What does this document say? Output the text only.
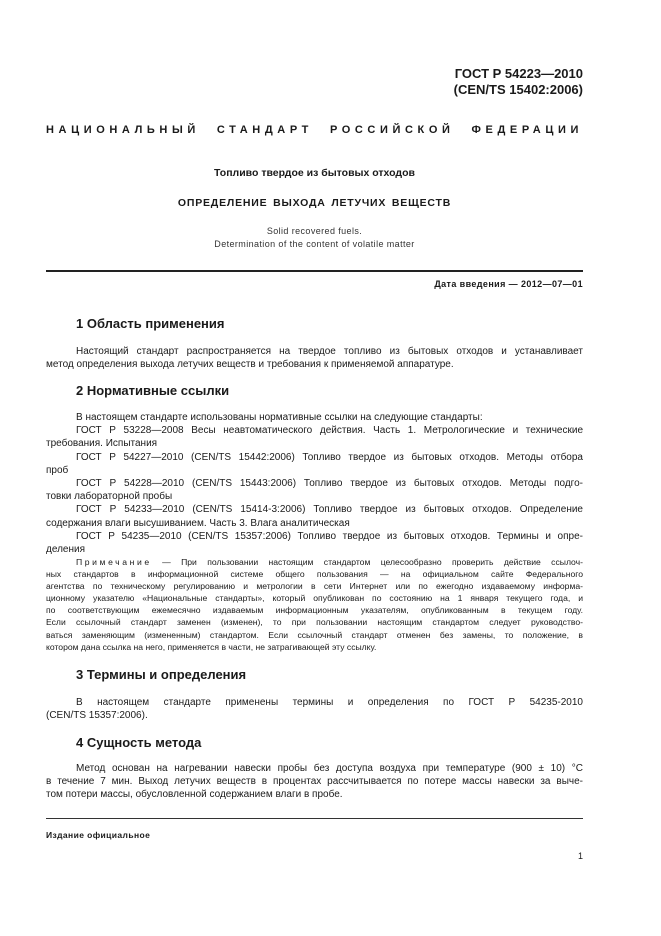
ГОСТ Р 54223—2010
(CEN/TS 15402:2006)
НАЦИОНАЛЬНЫЙ СТАНДАРТ РОССИЙСКОЙ ФЕДЕРАЦИИ
Топливо твердое из бытовых отходов
ОПРЕДЕЛЕНИЕ ВЫХОДА ЛЕТУЧИХ ВЕЩЕСТВ
Solid recovered fuels.
Determination of the content of volatile matter
Дата введения — 2012—07—01
1 Область применения
Настоящий стандарт распространяется на твердое топливо из бытовых отходов и устанавливает
метод определения выхода летучих веществ и требования к применяемой аппаратуре.
2 Нормативные ссылки
В настоящем стандарте использованы нормативные ссылки на следующие стандарты:
ГОСТ Р 53228—2008 Весы неавтоматического действия. Часть 1. Метрологические и технические
требования. Испытания
ГОСТ Р 54227—2010 (CEN/TS 15442:2006) Топливо твердое из бытовых отходов. Методы отбора
проб
ГОСТ Р 54228—2010 (CEN/TS 15443:2006) Топливо твердое из бытовых отходов. Методы подго-
товки лабораторной пробы
ГОСТ Р 54233—2010 (CEN/TS 15414-3:2006) Топливо твердое из бытовых отходов. Определение
содержания влаги высушиванием. Часть 3. Влага аналитическая
ГОСТ Р 54235—2010 (CEN/TS 15357:2006) Топливо твердое из бытовых отходов. Термины и опре-
деления
Примечание — При пользовании настоящим стандартом целесообразно проверить действие ссылоч-
ных стандартов в информационной системе общего пользования — на официальном сайте Федерального
агентства по техническому регулированию и метрологии в сети Интернет или по ежегодно издаваемому информа-
ционному указателю «Национальные стандарты», который опубликован по состоянию на 1 января текущего года, и
по соответствующим ежемесячно издаваемым информационным указателям, опубликованным в текущем году.
Если ссылочный стандарт заменен (изменен), то при пользовании настоящим стандартом следует руководство-
ваться заменяющим (измененным) стандартом. Если ссылочный стандарт отменен без замены, то положение, в
котором дана ссылка на него, применяется в части, не затрагивающей эту ссылку.
3 Термины и определения
В настоящем стандарте применены термины и определения по ГОСТ Р 54235-2010
(CEN/TS 15357:2006).
4 Сущность метода
Метод основан на нагревании навески пробы без доступа воздуха при температуре (900 ± 10) °С
в течение 7 мин. Выход летучих веществ в процентах рассчитывается по потере массы навески за выче-
том потери массы, обусловленной содержанием влаги в пробе.
Издание официальное
1
